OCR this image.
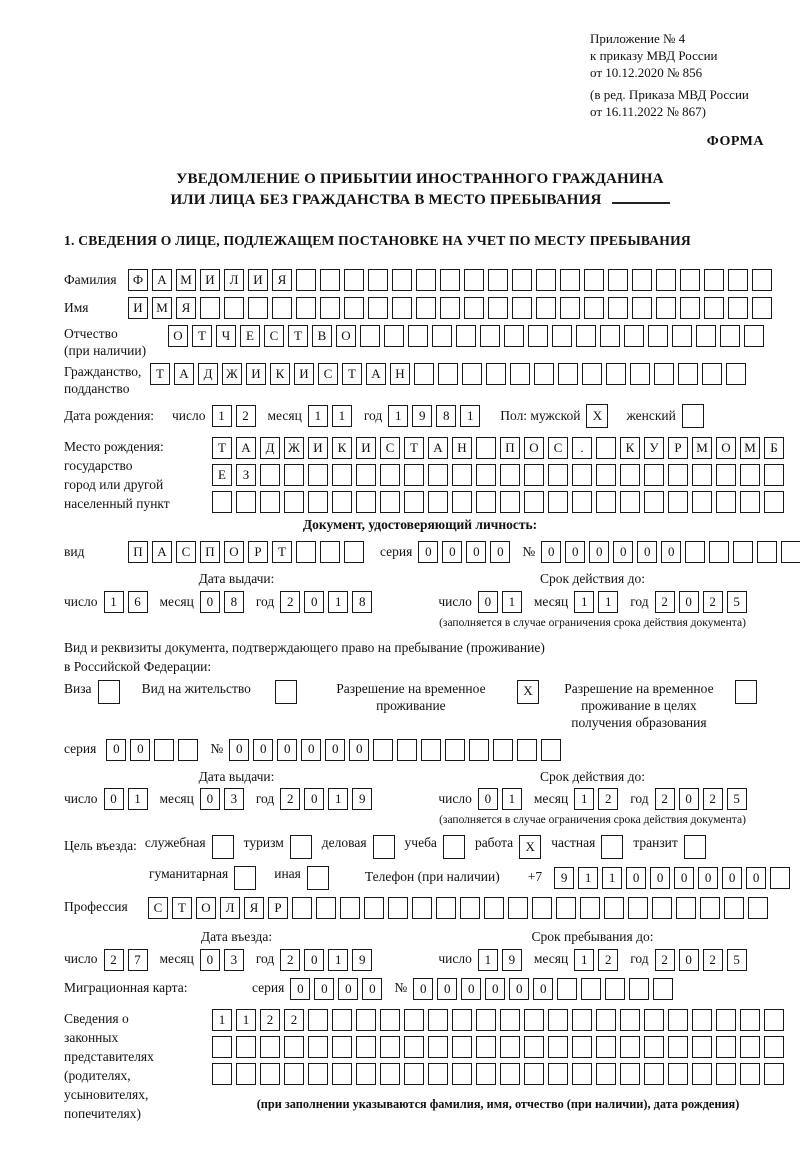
Приложение № 4
к приказу МВД России
от 10.12.2020 № 856
(в ред. Приказа МВД России
от 16.11.2022 № 867)
ФОРМА
УВЕДОМЛЕНИЕ О ПРИБЫТИИ ИНОСТРАННОГО ГРАЖДАНИНА
ИЛИ ЛИЦА БЕЗ ГРАЖДАНСТВА В МЕСТО ПРЕБЫВАНИЯ
1. СВЕДЕНИЯ О ЛИЦЕ, ПОДЛЕЖАЩЕМ ПОСТАНОВКЕ НА УЧЕТ ПО МЕСТУ ПРЕБЫВАНИЯ
Фамилия	Ф	А	М	И	Л	И	Я
Имя	И	М	Я
Отчество
(при наличии)
О	Т	Ч	Е	С	Т	В	О
Гражданство,
подданство
Т	А	Д	Ж	И	К	И	С	Т	А	Н
Дата рождения:	число 1	2	месяц 1	1	год 1	9	8	1	Пол: мужской X	женский
Место рождения:
государство
город или другой
населенный пункт
Т	А	Д	Ж	И	К	И	С	Т	А	Н	П	О	С	.	К	У	Р	М	О	М	Б
Е	З
Документ, удостоверяющий личность:
вид	П	А	С	П	О	Р	Т	серия 0	0	0	0	№ 0	0	0	0	0	0
Дата выдачи:
число 1	6	месяц 0	8	год 2	0	1	8
Срок действия до:
число 0	1	месяц 1	1	год 2	0	2	5
(заполняется в случае ограничения срока действия документа)
Вид и реквизиты документа, подтверждающего право на пребывание (проживание)
в Российской Федерации:
Виза	Вид на жительство	Разрешение на временное проживание
X	Разрешение на временное проживание в целях получения образования
серия	0	0	№ 0	0	0	0	0	0
Дата выдачи:
число 0	1	месяц 0	3	год 2	0	1	9
Срок действия до:
число 0	1	месяц 1	2	год 2	0	2	5
(заполняется в случае ограничения срока действия документа)
Цель въезда: служебная	туризм	деловая	учеба	работа X	частная	транзит
гуманитарная	иная	Телефон (при наличии) +7	9	1	1	0	0	0	0	0	0
Профессия	С	Т	О	Л	Я	Р
Дата въезда:
число 2	7	месяц 0	3	год 2	0	1	9
Срок пребывания до:
число 1	9	месяц 1	2	год 2	0	2	5
Миграционная карта:	серия 0	0	0	0	№ 0	0	0	0	0	0
Сведения о
законных
представителях
(родителях,
усыновителях,
попечителях)
1	1	2	2
(при заполнении указываются фамилия, имя, отчество (при наличии), дата рождения)
